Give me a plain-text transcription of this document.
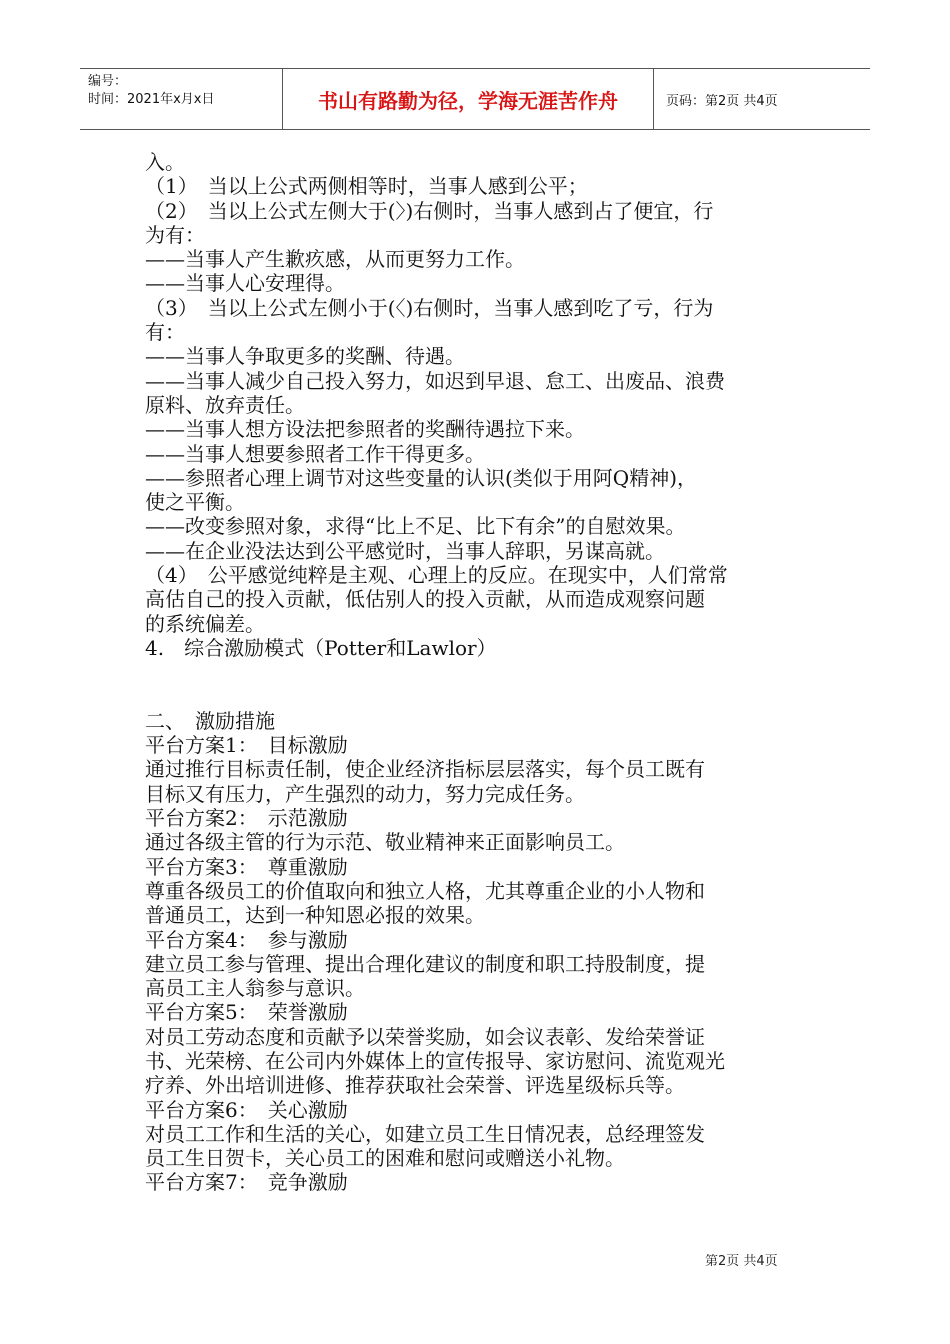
编号：
时间：2021年x月x日	书山有路勤为径，学海无涯苦作舟	页码：第2页 共4页
入。
（1）　当以上公式两侧相等时，当事人感到公平；
（2）　当以上公式左侧大于(〉)右侧时，当事人感到占了便宜，行
为有：
——当事人产生歉疚感，从而更努力工作。
——当事人心安理得。
（3）　当以上公式左侧小于(〈)右侧时，当事人感到吃了亏，行为
有：
——当事人争取更多的奖酬、待遇。
——当事人减少自己投入努力，如迟到早退、怠工、出废品、浪费
原料、放弃责任。
——当事人想方设法把参照者的奖酬待遇拉下来。
——当事人想要参照者工作干得更多。
——参照者心理上调节对这些变量的认识(类似于用阿Q精神)，
使之平衡。
——改变参照对象，求得“比上不足、比下有余”的自慰效果。
——在企业没法达到公平感觉时，当事人辞职，另谋高就。
（4）　公平感觉纯粹是主观、心理上的反应。在现实中，人们常常
高估自己的投入贡献，低估别人的投入贡献，从而造成观察问题
的系统偏差。
4.　综合激励模式（Potter和Lawlor）
二、　激励措施
平台方案1：　目标激励
通过推行目标责任制，使企业经济指标层层落实，每个员工既有
目标又有压力，产生强烈的动力，努力完成任务。
平台方案2：　示范激励
通过各级主管的行为示范、敬业精神来正面影响员工。
平台方案3：　尊重激励
尊重各级员工的价值取向和独立人格，尤其尊重企业的小人物和
普通员工，达到一种知恩必报的效果。
平台方案4：　参与激励
建立员工参与管理、提出合理化建议的制度和职工持股制度，提
高员工主人翁参与意识。
平台方案5：　荣誉激励
对员工劳动态度和贡献予以荣誉奖励，如会议表彰、发给荣誉证
书、光荣榜、在公司内外媒体上的宣传报导、家访慰问、流览观光
疗养、外出培训进修、推荐获取社会荣誉、评选星级标兵等。
平台方案6：　关心激励
对员工工作和生活的关心，如建立员工生日情况表，总经理签发
员工生日贺卡，关心员工的困难和慰问或赠送小礼物。
平台方案7：　竞争激励
第2页 共4页
